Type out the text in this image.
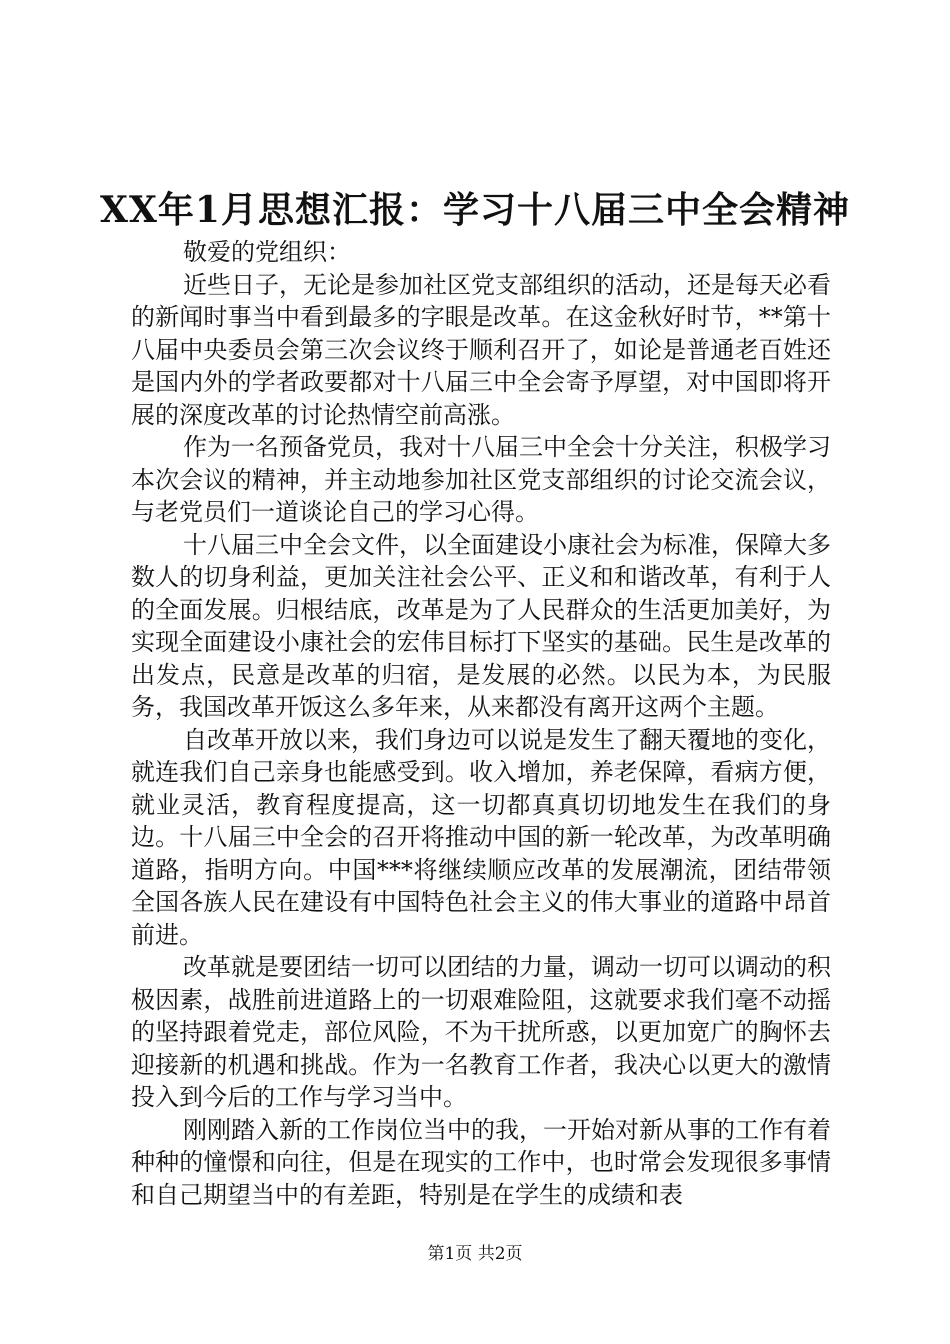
XX年1月思想汇报：学习十八届三中全会精神

敬爱的党组织：

近些日子，无论是参加社区党支部组织的活动，还是每天必看的新闻时事当中看到最多的字眼是改革。在这金秋好时节，**第十八届中央委员会第三次会议终于顺利召开了，如论是普通老百姓还是国内外的学者政要都对十八届三中全会寄予厚望，对中国即将开展的深度改革的讨论热情空前高涨。

作为一名预备党员，我对十八届三中全会十分关注，积极学习本次会议的精神，并主动地参加社区党支部组织的讨论交流会议，与老党员们一道谈论自己的学习心得。

十八届三中全会文件，以全面建设小康社会为标准，保障大多数人的切身利益，更加关注社会公平、正义和和谐改革，有利于人的全面发展。归根结底，改革是为了人民群众的生活更加美好，为实现全面建设小康社会的宏伟目标打下坚实的基础。民生是改革的出发点，民意是改革的归宿，是发展的必然。以民为本，为民服务，我国改革开饭这么多年来，从来都没有离开这两个主题。

自改革开放以来，我们身边可以说是发生了翻天覆地的变化，就连我们自己亲身也能感受到。收入增加，养老保障，看病方便，就业灵活，教育程度提高，这一切都真真切切地发生在我们的身边。十八届三中全会的召开将推动中国的新一轮改革，为改革明确道路，指明方向。中国***将继续顺应改革的发展潮流，团结带领全国各族人民在建设有中国特色社会主义的伟大事业的道路中昂首前进。

改革就是要团结一切可以团结的力量，调动一切可以调动的积极因素，战胜前进道路上的一切艰难险阻，这就要求我们毫不动摇的坚持跟着党走，部位风险，不为干扰所惑，以更加宽广的胸怀去迎接新的机遇和挑战。作为一名教育工作者，我决心以更大的激情投入到今后的工作与学习当中。

刚刚踏入新的工作岗位当中的我，一开始对新从事的工作有着种种的憧憬和向往，但是在现实的工作中，也时常会发现很多事情和自己期望当中的有差距，特别是在学生的成绩和表

第1页 共2页
